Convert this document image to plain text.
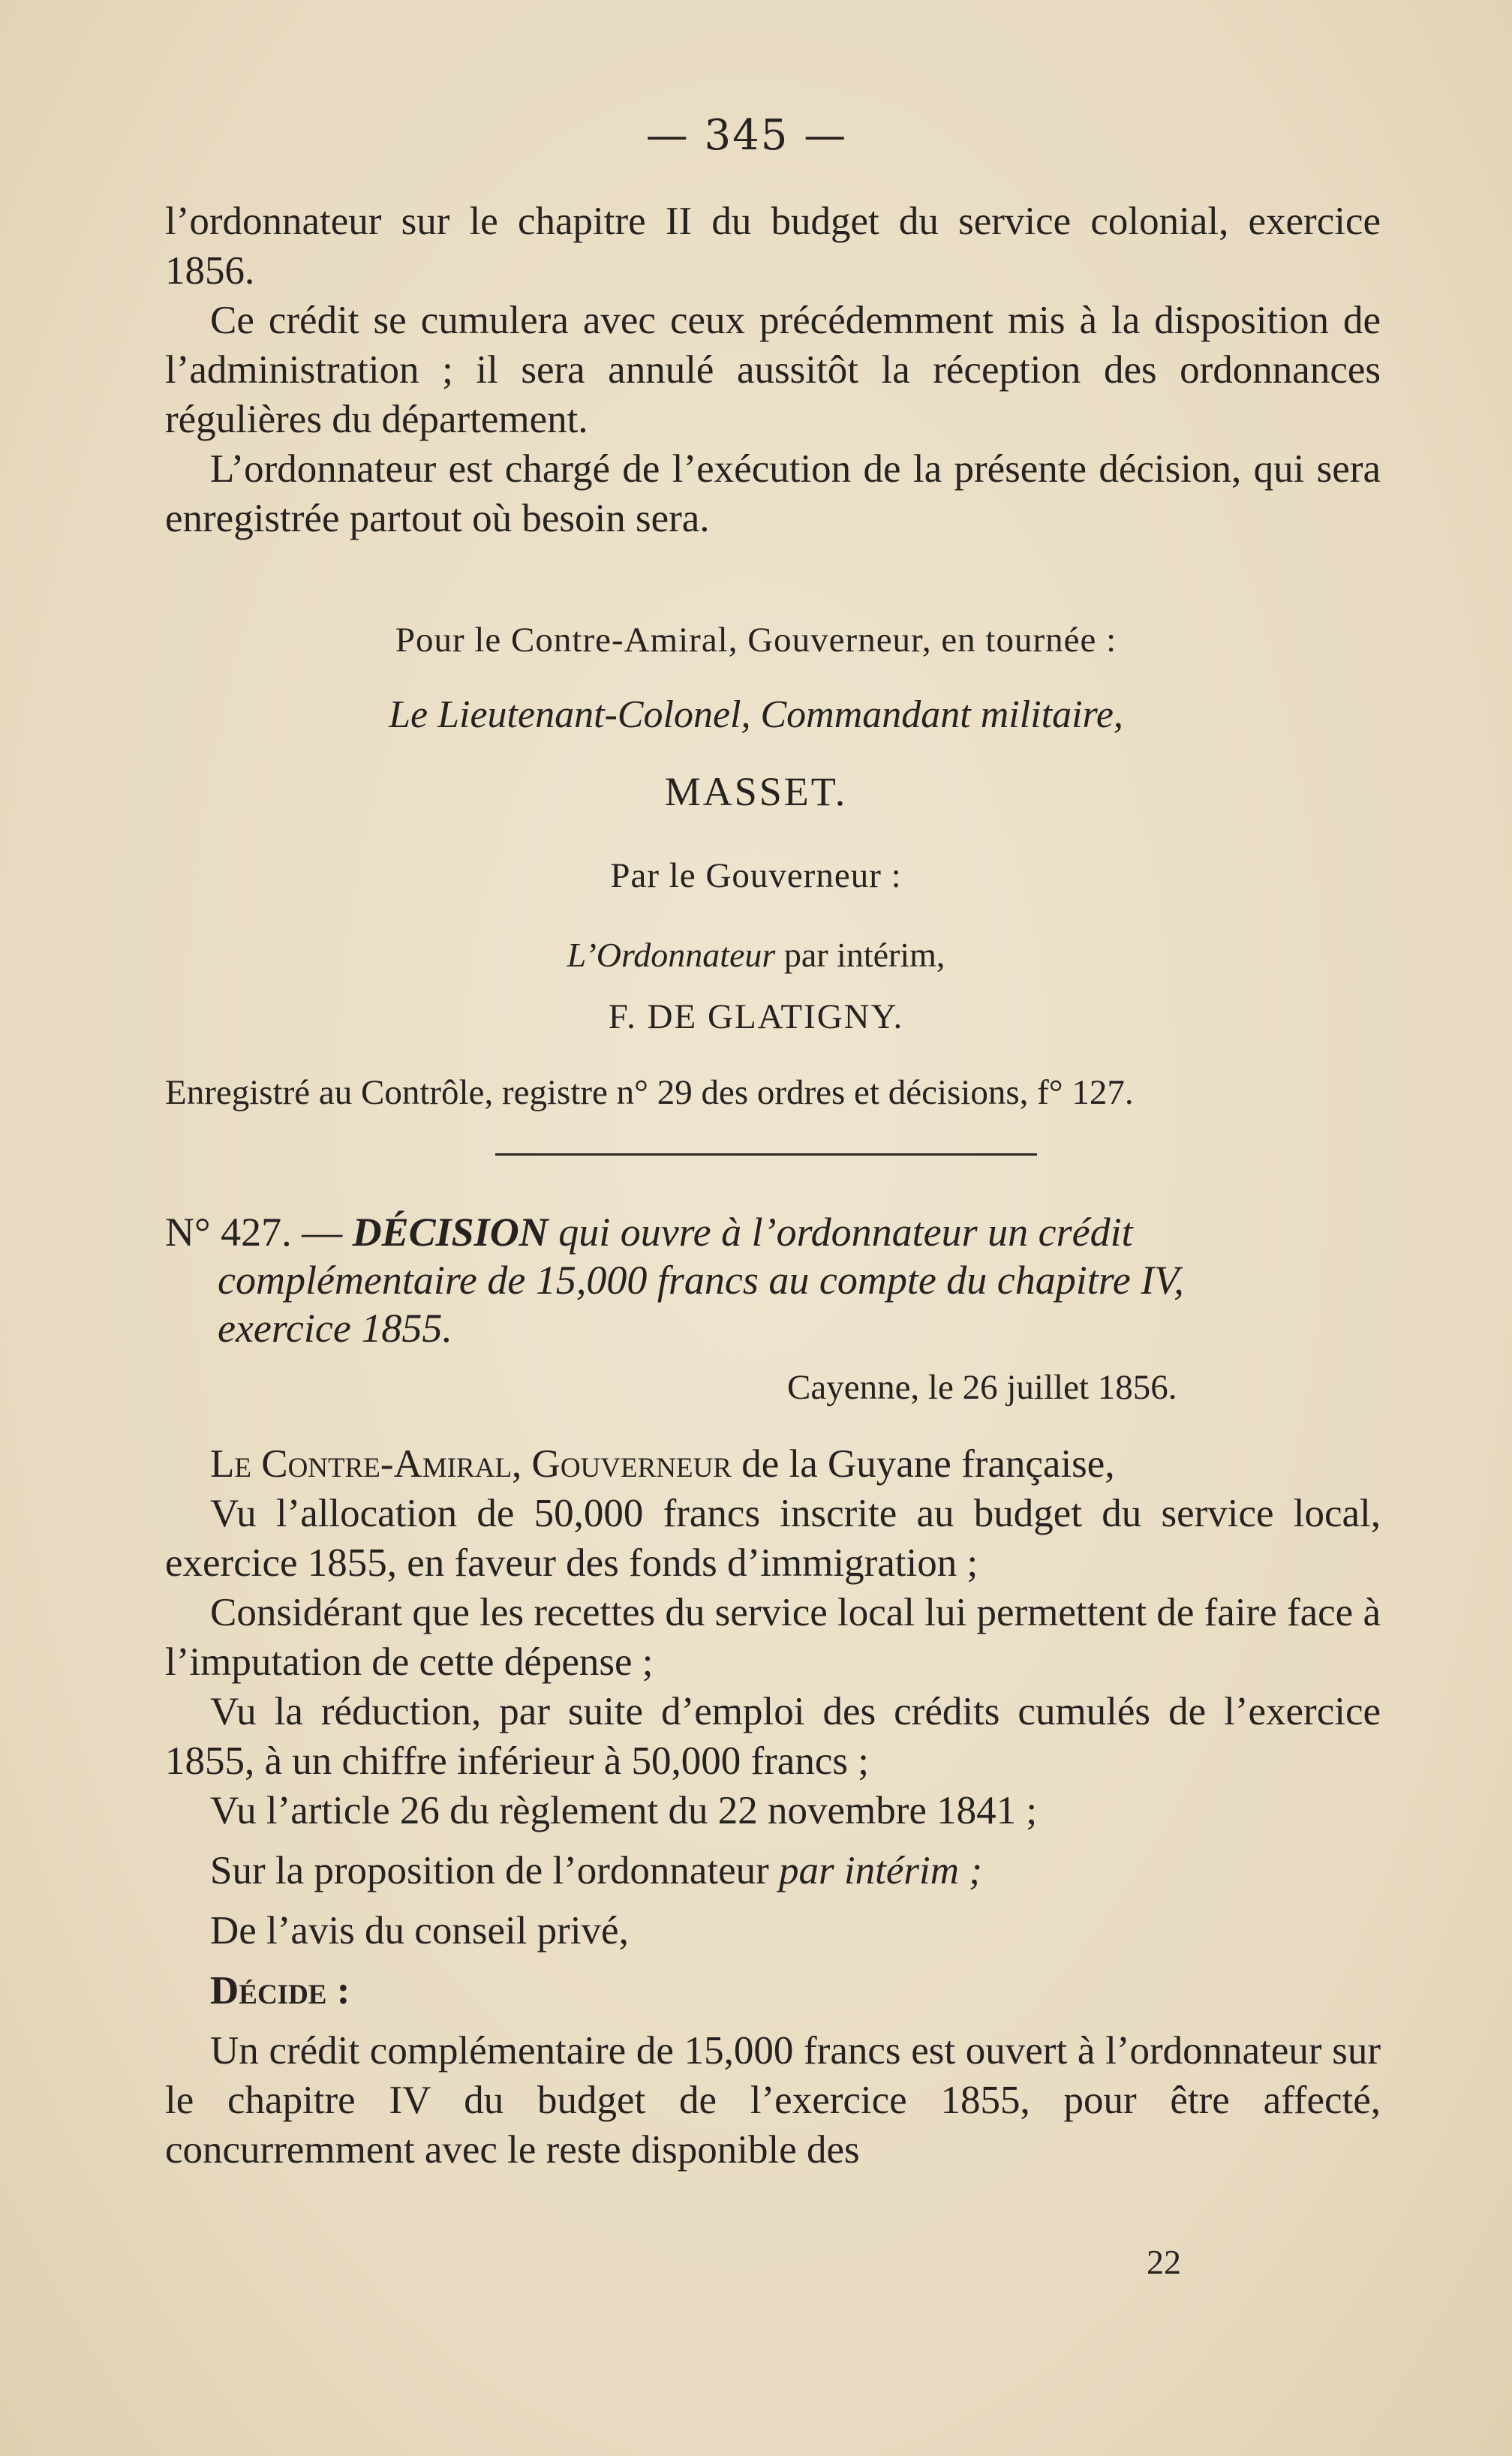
— 345 —

l’ordonnateur sur le chapitre II du budget du service colonial, exercice 1856.

Ce crédit se cumulera avec ceux précédemment mis à la disposition de l’administration ; il sera annulé aussitôt la réception des ordonnances régulières du département.

L’ordonnateur est chargé de l’exécution de la présente décision, qui sera enregistrée partout où besoin sera.

Pour le Contre-Amiral, Gouverneur, en tournée :
Le Lieutenant-Colonel, Commandant militaire,
MASSET.
Par le Gouverneur :
L’Ordonnateur par intérim,
F. DE GLATIGNY.
Enregistré au Contrôle, registre n° 29 des ordres et décisions, f° 127.
N° 427. — DÉCISION qui ouvre à l’ordonnateur un crédit
complémentaire de 15,000 francs au compte du chapitre IV,
exercice 1855.
Cayenne, le 26 juillet 1856.

Le Contre-Amiral, Gouverneur de la Guyane française,

Vu l’allocation de 50,000 francs inscrite au budget du service local, exercice 1855, en faveur des fonds d’immigration ;

Considérant que les recettes du service local lui permettent de faire face à l’imputation de cette dépense ;

Vu la réduction, par suite d’emploi des crédits cumulés de l’exercice 1855, à un chiffre inférieur à 50,000 francs ;

Vu l’article 26 du règlement du 22 novembre 1841 ;

Sur la proposition de l’ordonnateur par intérim ;

De l’avis du conseil privé,

Décide :

Un crédit complémentaire de 15,000 francs est ouvert à l’ordonnateur sur le chapitre IV du budget de l’exercice 1855, pour être affecté, concurremment avec le reste disponible des

22
